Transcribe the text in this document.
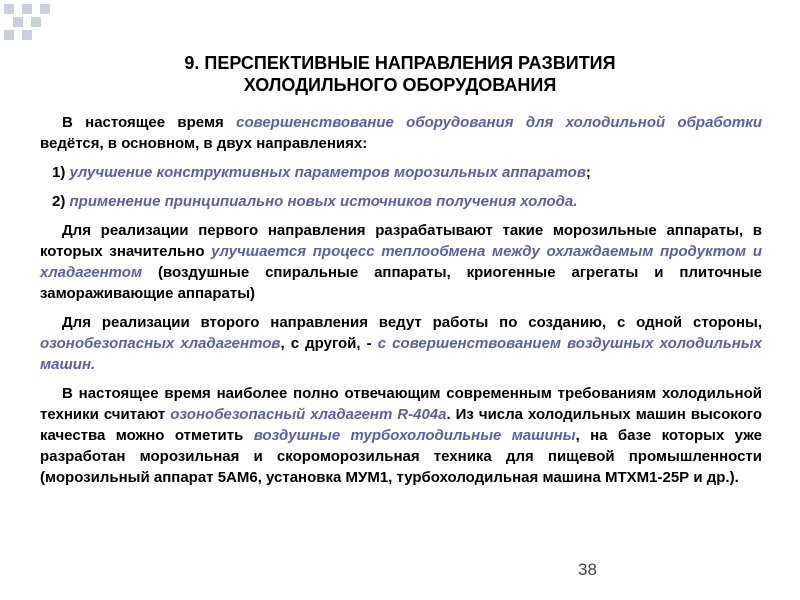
9. ПЕРСПЕКТИВНЫЕ НАПРАВЛЕНИЯ РАЗВИТИЯ
ХОЛОДИЛЬНОГО ОБОРУДОВАНИЯ

В настоящее время совершенствование оборудования для холодильной обработки ведётся, в основном, в двух направлениях:

1) улучшение конструктивных параметров морозильных аппаратов;

2) применение принципиально новых источников получения холода.

Для реализации первого направления разрабатывают такие морозильные аппараты, в которых значительно улучшается процесс теплообмена между охлаждаемым продуктом и хладагентом (воздушные спиральные аппараты, криогенные агрегаты и плиточные замораживающие аппараты)

Для реализации второго направления ведут работы по созданию, с одной стороны, озонобезопасных хладагентов, с другой, - с совершенствованием воздушных холодильных машин.

В настоящее время наиболее полно отвечающим современным требованиям холодильной техники считают озонобезопасный хладагент R-404а. Из числа холодильных машин высокого качества можно отметить воздушные турбохолодильные машины, на базе которых уже разработан морозильная и скороморозильная техника для пищевой промышленности (морозильный аппарат 5АМ6, установка МУМ1, турбохолодильная машина МТХМ1-25Р и др.).

38
